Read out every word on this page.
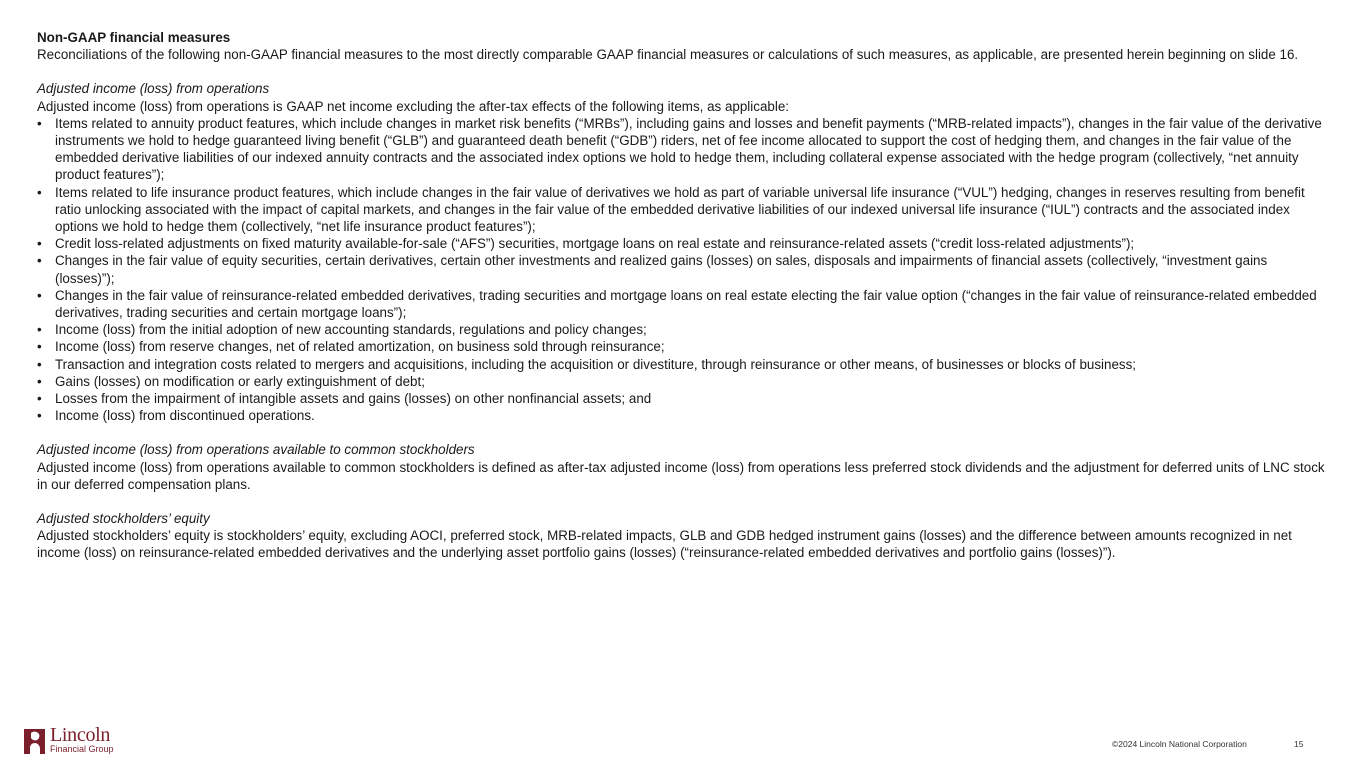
Non-GAAP financial measures

Reconciliations of the following non-GAAP financial measures to the most directly comparable GAAP financial measures or calculations of such measures, as applicable, are presented herein beginning on slide 16.

Adjusted income (loss) from operations
Adjusted income (loss) from operations is GAAP net income excluding the after-tax effects of the following items, as applicable:
• Items related to annuity product features, which include changes in market risk benefits (“MRBs”), including gains and losses and benefit payments (“MRB-related impacts”), changes in the fair value of the derivative instruments we hold to hedge guaranteed living benefit (“GLB”) and guaranteed death benefit (“GDB”) riders, net of fee income allocated to support the cost of hedging them, and changes in the fair value of the embedded derivative liabilities of our indexed annuity contracts and the associated index options we hold to hedge them, including collateral expense associated with the hedge program (collectively, “net annuity product features”);
• Items related to life insurance product features, which include changes in the fair value of derivatives we hold as part of variable universal life insurance (“VUL”) hedging, changes in reserves resulting from benefit ratio unlocking associated with the impact of capital markets, and changes in the fair value of the embedded derivative liabilities of our indexed universal life insurance (“IUL”) contracts and the associated index options we hold to hedge them (collectively, “net life insurance product features”);
• Credit loss-related adjustments on fixed maturity available-for-sale (“AFS”) securities, mortgage loans on real estate and reinsurance-related assets (“credit loss-related adjustments”);
• Changes in the fair value of equity securities, certain derivatives, certain other investments and realized gains (losses) on sales, disposals and impairments of financial assets (collectively, “investment gains (losses)”);
• Changes in the fair value of reinsurance-related embedded derivatives, trading securities and mortgage loans on real estate electing the fair value option (“changes in the fair value of reinsurance-related embedded derivatives, trading securities and certain mortgage loans”);
• Income (loss) from the initial adoption of new accounting standards, regulations and policy changes;
• Income (loss) from reserve changes, net of related amortization, on business sold through reinsurance;
• Transaction and integration costs related to mergers and acquisitions, including the acquisition or divestiture, through reinsurance or other means, of businesses or blocks of business;
• Gains (losses) on modification or early extinguishment of debt;
• Losses from the impairment of intangible assets and gains (losses) on other nonfinancial assets; and
• Income (loss) from discontinued operations.
Adjusted income (loss) from operations available to common stockholders

Adjusted income (loss) from operations available to common stockholders is defined as after-tax adjusted income (loss) from operations less preferred stock dividends and the adjustment for deferred units of LNC stock in our deferred compensation plans.

Adjusted stockholders’ equity

Adjusted stockholders’ equity is stockholders’ equity, excluding AOCI, preferred stock, MRB-related impacts, GLB and GDB hedged instrument gains (losses) and the difference between amounts recognized in net income (loss) on reinsurance-related embedded derivatives and the underlying asset portfolio gains (losses) (“reinsurance-related embedded derivatives and portfolio gains (losses)”).

Lincoln
Financial Group	©2024 Lincoln National Corporation	15
